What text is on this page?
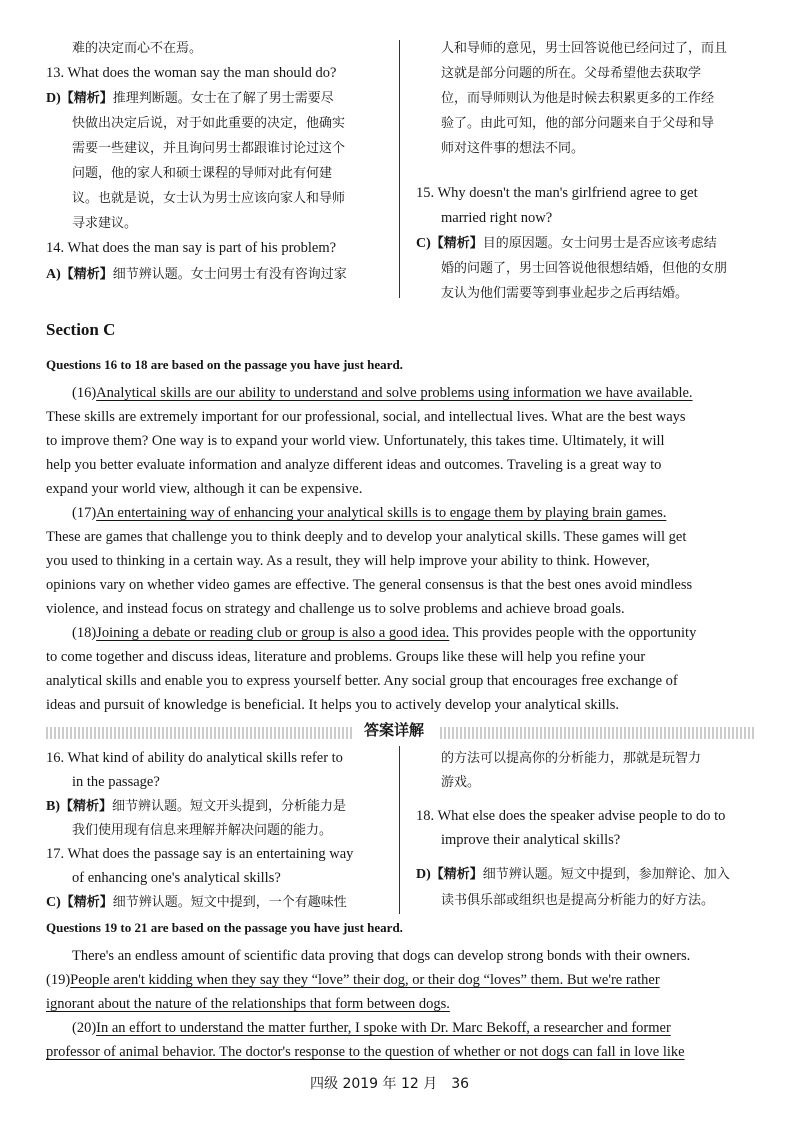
难的决定而心不在焉。
13. What does the woman say the man should do?
D)【精析】推理判断题。女士在了解了男士需要尽
快做出决定后说，对于如此重要的决定，他确实
需要一些建议，并且询问男士都跟谁讨论过这个
问题，他的家人和硕士课程的导师对此有何建
议。也就是说，女士认为男士应该向家人和导师
寻求建议。
14. What does the man say is part of his problem?
A)【精析】细节辨认题。女士问男士有没有咨询过家
人和导师的意见，男士回答说他已经问过了，而且
这就是部分问题的所在。父母希望他去获取学
位，而导师则认为他是时候去积累更多的工作经
验了。由此可知，他的部分问题来自于父母和导
师对这件事的想法不同。
15. Why doesn't the man's girlfriend agree to get
married right now?
C)【精析】目的原因题。女士问男士是否应该考虑结
婚的问题了，男士回答说他很想结婚，但他的女朋
友认为他们需要等到事业起步之后再结婚。
Section C
Questions 16 to 18 are based on the passage you have just heard.
(16)Analytical skills are our ability to understand and solve problems using information we have available.
These skills are extremely important for our professional, social, and intellectual lives. What are the best ways
to improve them? One way is to expand your world view. Unfortunately, this takes time. Ultimately, it will
help you better evaluate information and analyze different ideas and outcomes. Traveling is a great way to
expand your world view, although it can be expensive.
(17)An entertaining way of enhancing your analytical skills is to engage them by playing brain games.
These are games that challenge you to think deeply and to develop your analytical skills. These games will get
you used to thinking in a certain way. As a result, they will help improve your ability to think. However,
opinions vary on whether video games are effective. The general consensus is that the best ones avoid mindless
violence, and instead focus on strategy and challenge us to solve problems and achieve broad goals.
(18)Joining a debate or reading club or group is also a good idea. This provides people with the opportunity
to come together and discuss ideas, literature and problems. Groups like these will help you refine your
analytical skills and enable you to express yourself better. Any social group that encourages free exchange of
ideas and pursuit of knowledge is beneficial. It helps you to actively develop your analytical skills.
答案详解
16. What kind of ability do analytical skills refer to
in the passage?
B)【精析】细节辨认题。短文开头提到，分析能力是
我们使用现有信息来理解并解决问题的能力。
17. What does the passage say is an entertaining way
of enhancing one's analytical skills?
C)【精析】细节辨认题。短文中提到，一个有趣味性
的方法可以提高你的分析能力，那就是玩智力
游戏。
18. What else does the speaker advise people to do to
improve their analytical skills?
D)【精析】细节辨认题。短文中提到，参加辩论、加入
读书俱乐部或组织也是提高分析能力的好方法。
Questions 19 to 21 are based on the passage you have just heard.
There's an endless amount of scientific data proving that dogs can develop strong bonds with their owners.
(19)People aren't kidding when they say they “love” their dog, or their dog “loves” them. But we're rather
ignorant about the nature of the relationships that form between dogs.
(20)In an effort to understand the matter further, I spoke with Dr. Marc Bekoff, a researcher and former
professor of animal behavior. The doctor's response to the question of whether or not dogs can fall in love like
四级 2019 年 12 月　36
